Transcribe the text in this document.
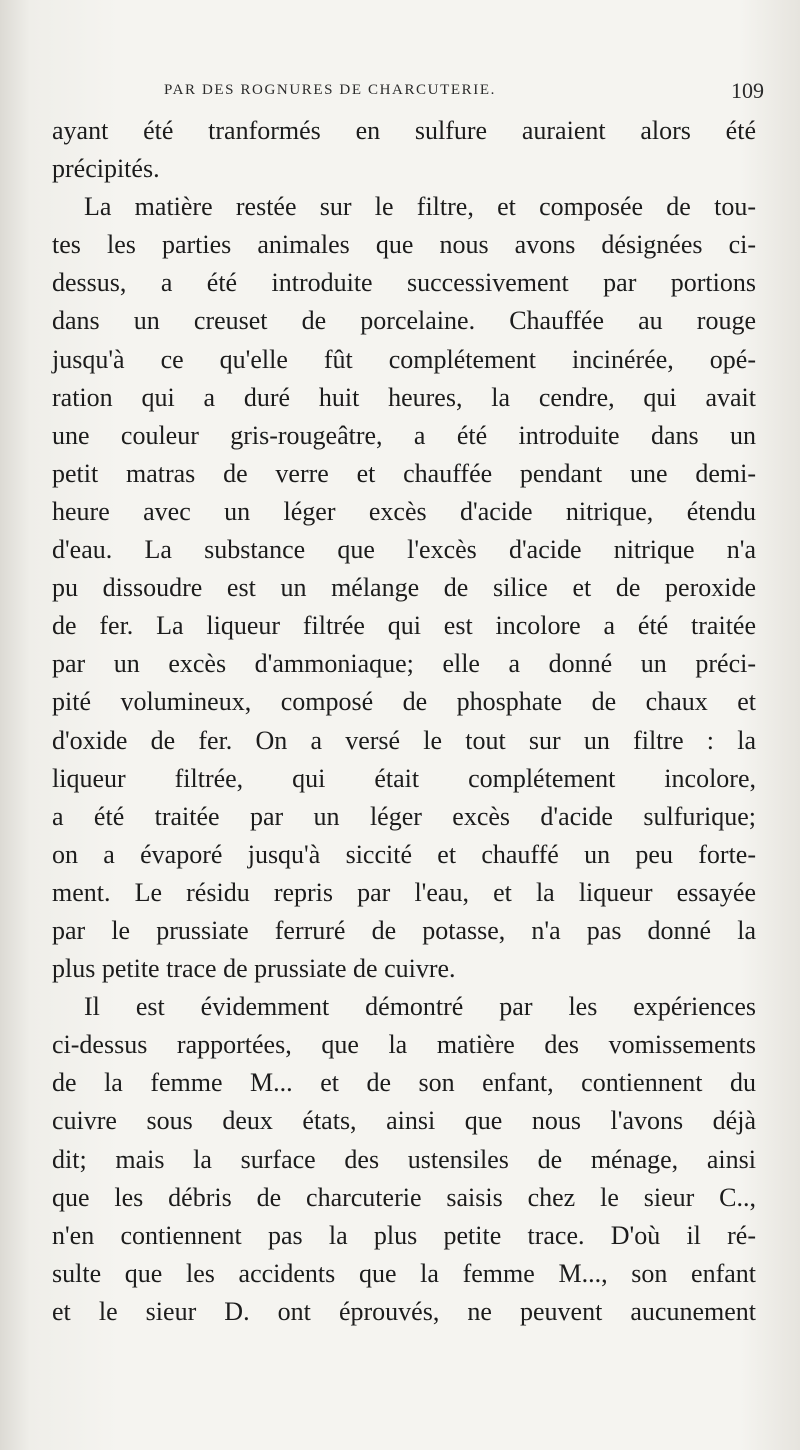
PAR DES ROGNURES DE CHARCUTERIE.	109

ayant été tranformés en sulfure auraient alors été
précipités.

La matière restée sur le filtre, et composée de tou-
tes les parties animales que nous avons désignées ci-
dessus, a été introduite successivement par portions
dans un creuset de porcelaine. Chauffée au rouge
jusqu'à ce qu'elle fût complétement incinérée, opé-
ration qui a duré huit heures, la cendre, qui avait
une couleur gris-rougeâtre, a été introduite dans un
petit matras de verre et chauffée pendant une demi-
heure avec un léger excès d'acide nitrique, étendu
d'eau. La substance que l'excès d'acide nitrique n'a
pu dissoudre est un mélange de silice et de peroxide
de fer. La liqueur filtrée qui est incolore a été traitée
par un excès d'ammoniaque; elle a donné un préci-
pité volumineux, composé de phosphate de chaux et
d'oxide de fer. On a versé le tout sur un filtre : la
liqueur filtrée, qui était complétement incolore,
a été traitée par un léger excès d'acide sulfurique;
on a évaporé jusqu'à siccité et chauffé un peu forte-
ment. Le résidu repris par l'eau, et la liqueur essayée
par le prussiate ferruré de potasse, n'a pas donné la
plus petite trace de prussiate de cuivre.

Il est évidemment démontré par les expériences
ci-dessus rapportées, que la matière des vomissements
de la femme M... et de son enfant, contiennent du
cuivre sous deux états, ainsi que nous l'avons déjà
dit; mais la surface des ustensiles de ménage, ainsi
que les débris de charcuterie saisis chez le sieur C..,
n'en contiennent pas la plus petite trace. D'où il ré-
sulte que les accidents que la femme M..., son enfant
et le sieur D. ont éprouvés, ne peuvent aucunement
